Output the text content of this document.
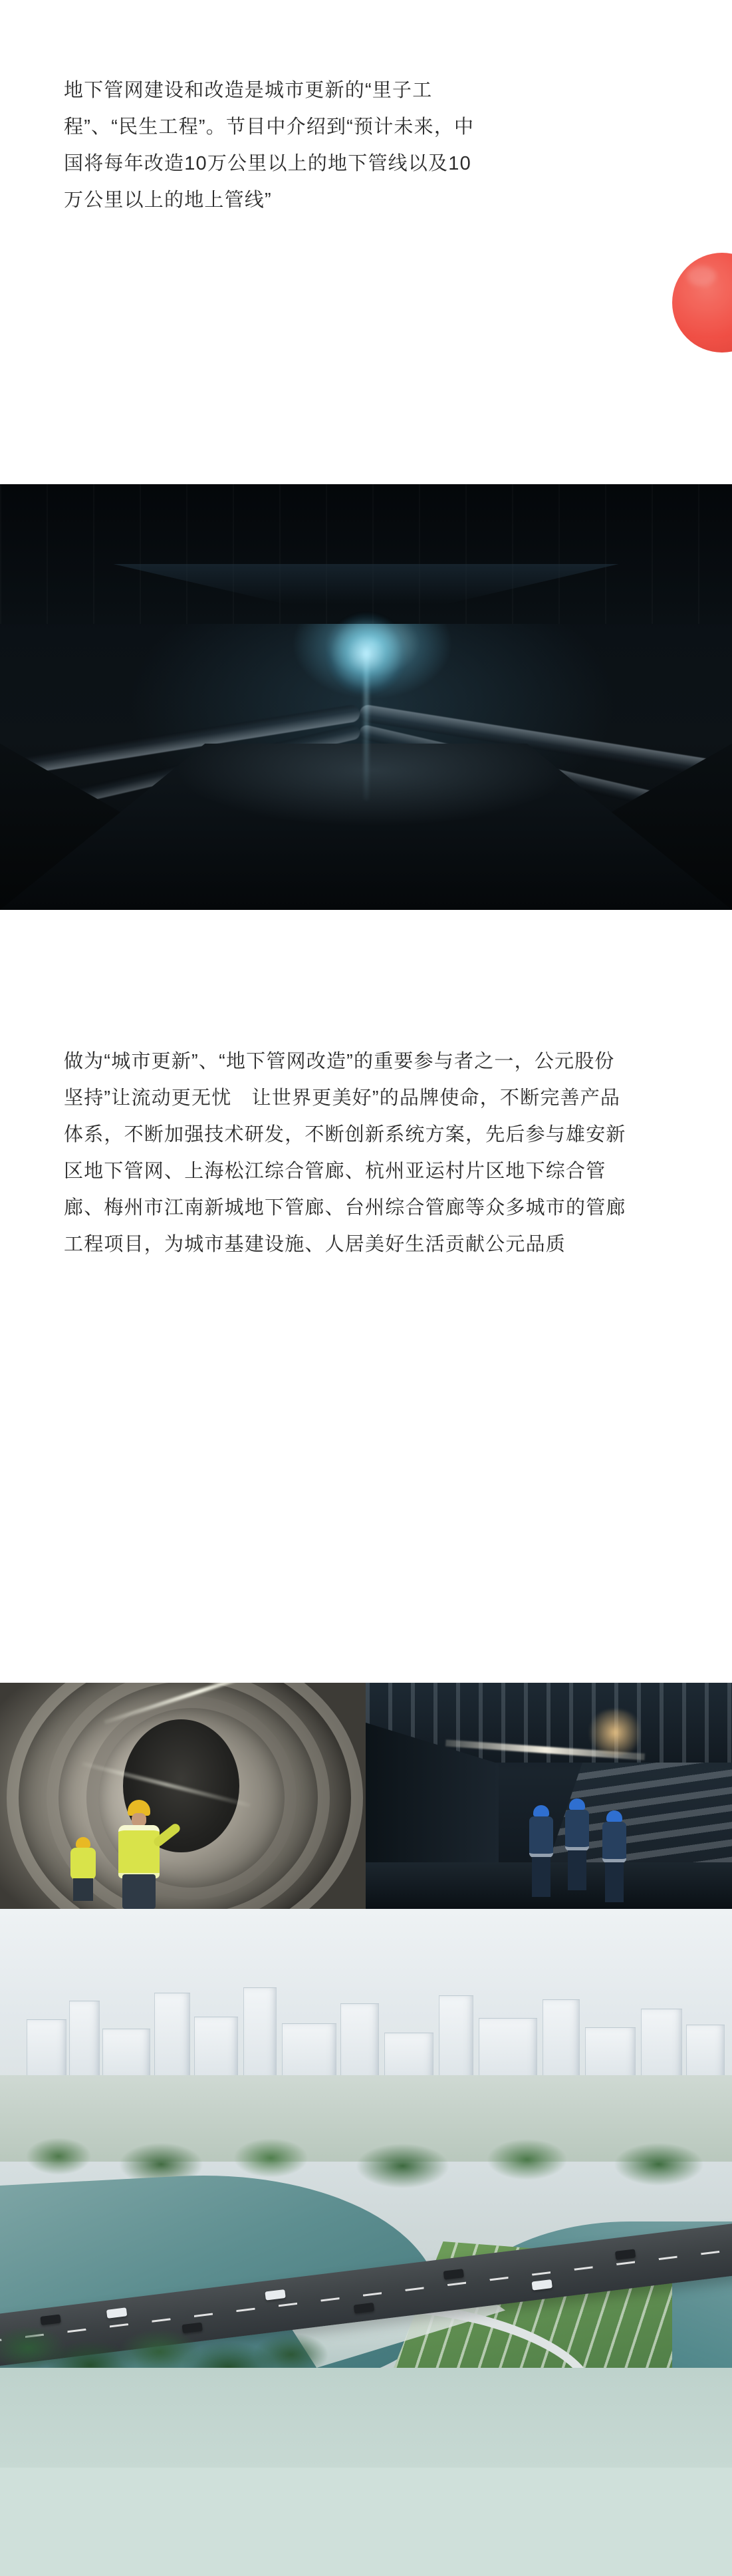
地下管网建设和改造是城市更新的“里子工程”、“民生工程”。节目中介绍到“预计未来，中国将每年改造10万公里以上的地下管线以及10万公里以上的地上管线”

做为“城市更新”、“地下管网改造”的重要参与者之一，公元股份坚持”让流动更无忧　让世界更美好”的品牌使命，不断完善产品体系，不断加强技术研发，不断创新系统方案，先后参与雄安新区地下管网、上海松江综合管廊、杭州亚运村片区地下综合管廊、梅州市江南新城地下管廊、台州综合管廊等众多城市的管廊工程项目，为城市基建设施、人居美好生活贡献公元品质
